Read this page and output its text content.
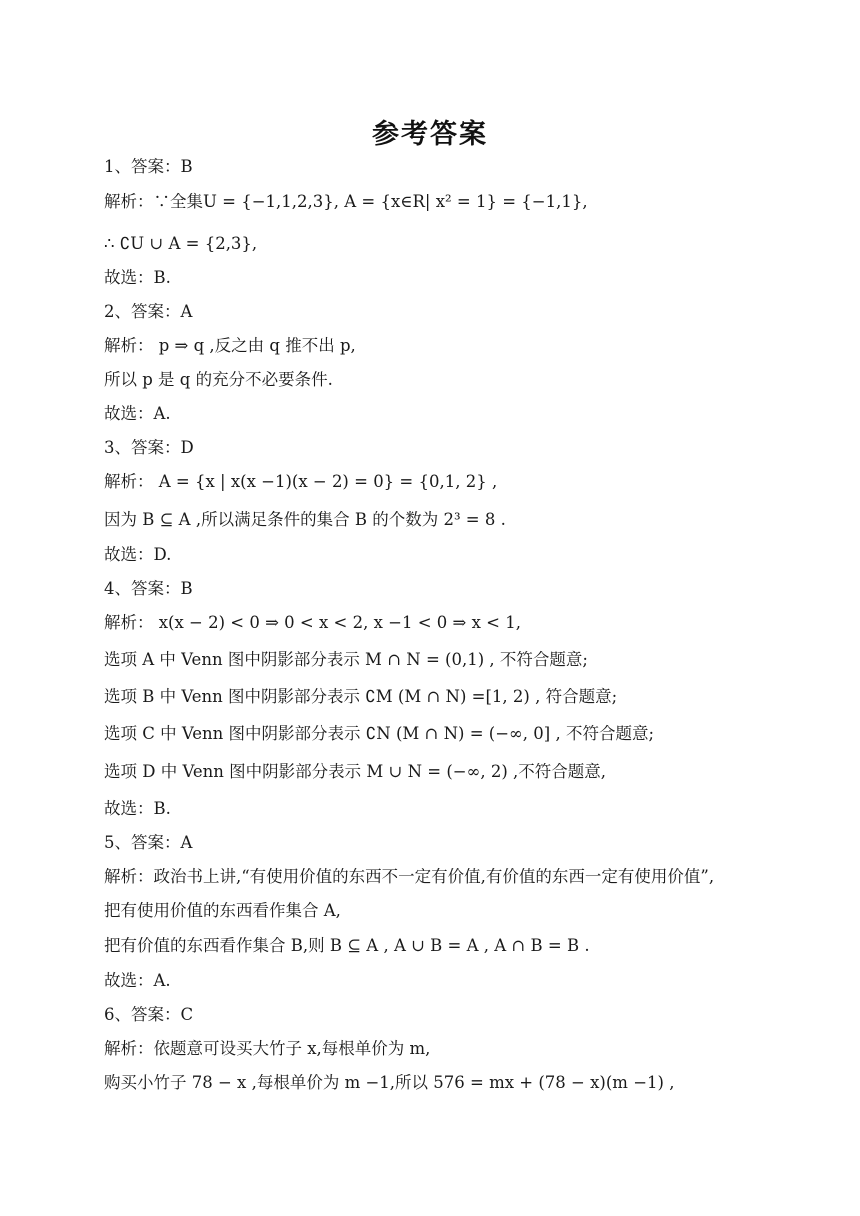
参考答案
1、答案：B
解析：∵全集U = {−1,1,2,3}, A = {x∈R| x² = 1} = {−1,1},
∴ ∁U ∪ A = {2,3},
故选：B.
2、答案：A
解析： p ⇒ q ,反之由 q 推不出 p,
所以 p 是 q 的充分不必要条件.
故选：A.
3、答案：D
解析： A = {x | x(x −1)(x − 2) = 0} = {0,1, 2} ,
因为 B ⊆ A ,所以满足条件的集合 B 的个数为 2³ = 8 .
故选：D.
4、答案：B
解析： x(x − 2) < 0 ⇒ 0 < x < 2, x −1 < 0 ⇒ x < 1,
选项 A 中 Venn 图中阴影部分表示 M ∩ N = (0,1) , 不符合题意;
选项 B 中 Venn 图中阴影部分表示 ∁M (M ∩ N) =[1, 2) , 符合题意;
选项 C 中 Venn 图中阴影部分表示 ∁N (M ∩ N) = (−∞, 0] , 不符合题意;
选项 D 中 Venn 图中阴影部分表示 M ∪ N = (−∞, 2) ,不符合题意,
故选：B.
5、答案：A
解析：政治书上讲,“有使用价值的东西不一定有价值,有价值的东西一定有使用价值”,
把有使用价值的东西看作集合 A,
把有价值的东西看作集合 B,则 B ⊆ A , A ∪ B = A , A ∩ B = B .
故选：A.
6、答案：C
解析：依题意可设买大竹子 x,每根单价为 m,
购买小竹子 78 − x ,每根单价为 m −1,所以 576 = mx + (78 − x)(m −1) ,
